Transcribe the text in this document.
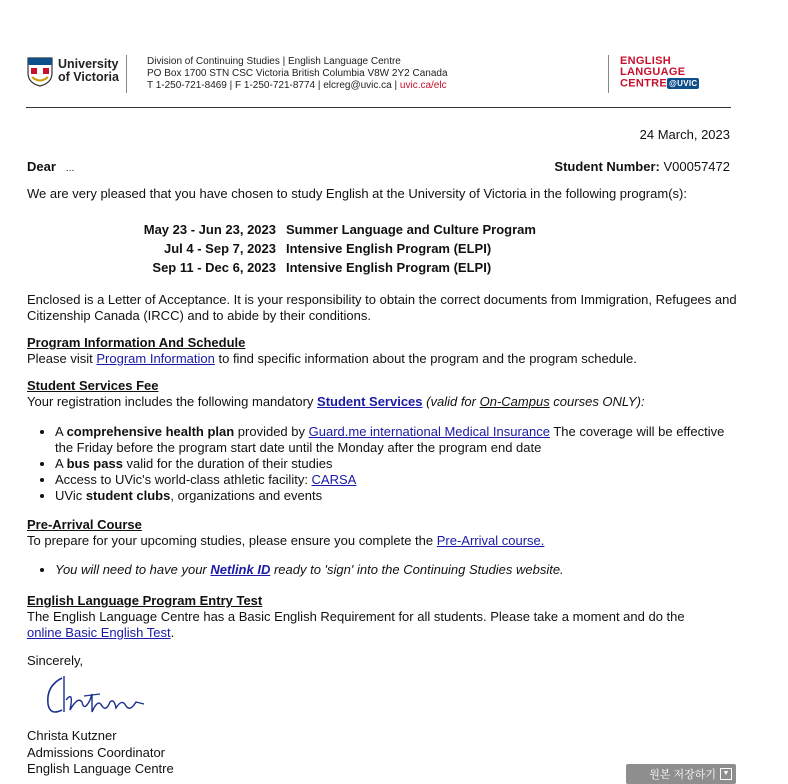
University
of Victoria
Division of Continuing Studies | English Language Centre
PO Box 1700 STN CSC Victoria British Columbia V8W 2Y2 Canada
T 1-250-721-8469 | F 1-250-721-8774 | elcreg@uvic.ca | uvic.ca/elc
ENGLISH
LANGUAGE
CENTRE @UVIC
24 March, 2023
Dear ...	Student Number: V00057472

We are very pleased that you have chosen to study English at the University of Victoria in the following program(s):

May 23 - Jun 23, 2023 Summer Language and Culture Program
Jul 4 - Sep 7, 2023 Intensive English Program (ELPI)
Sep 11 - Dec 6, 2023 Intensive English Program (ELPI)

Enclosed is a Letter of Acceptance. It is your responsibility to obtain the correct documents from Immigration, Refugees and Citizenship Canada (IRCC) and to abide by their conditions.

Program Information And Schedule

Please visit Program Information to find specific information about the program and the program schedule.

Student Services Fee

Your registration includes the following mandatory Student Services (valid for On-Campus courses ONLY):

• A comprehensive health plan provided by Guard.me international Medical Insurance The coverage will be effective the Friday before the program start date until the Monday after the program end date
• A bus pass valid for the duration of their studies
• Access to UVic's world-class athletic facility: CARSA
• UVic student clubs, organizations and events

Pre-Arrival Course

To prepare for your upcoming studies, please ensure you complete the Pre-Arrival course.

• You will need to have your Netlink ID ready to 'sign' into the Continuing Studies website.

English Language Program Entry Test

The English Language Centre has a Basic English Requirement for all students. Please take a moment and do the online Basic English Test.

Sincerely,

Christa Kutzner
Admissions Coordinator
English Language Centre	원본 저장하기 ▼
